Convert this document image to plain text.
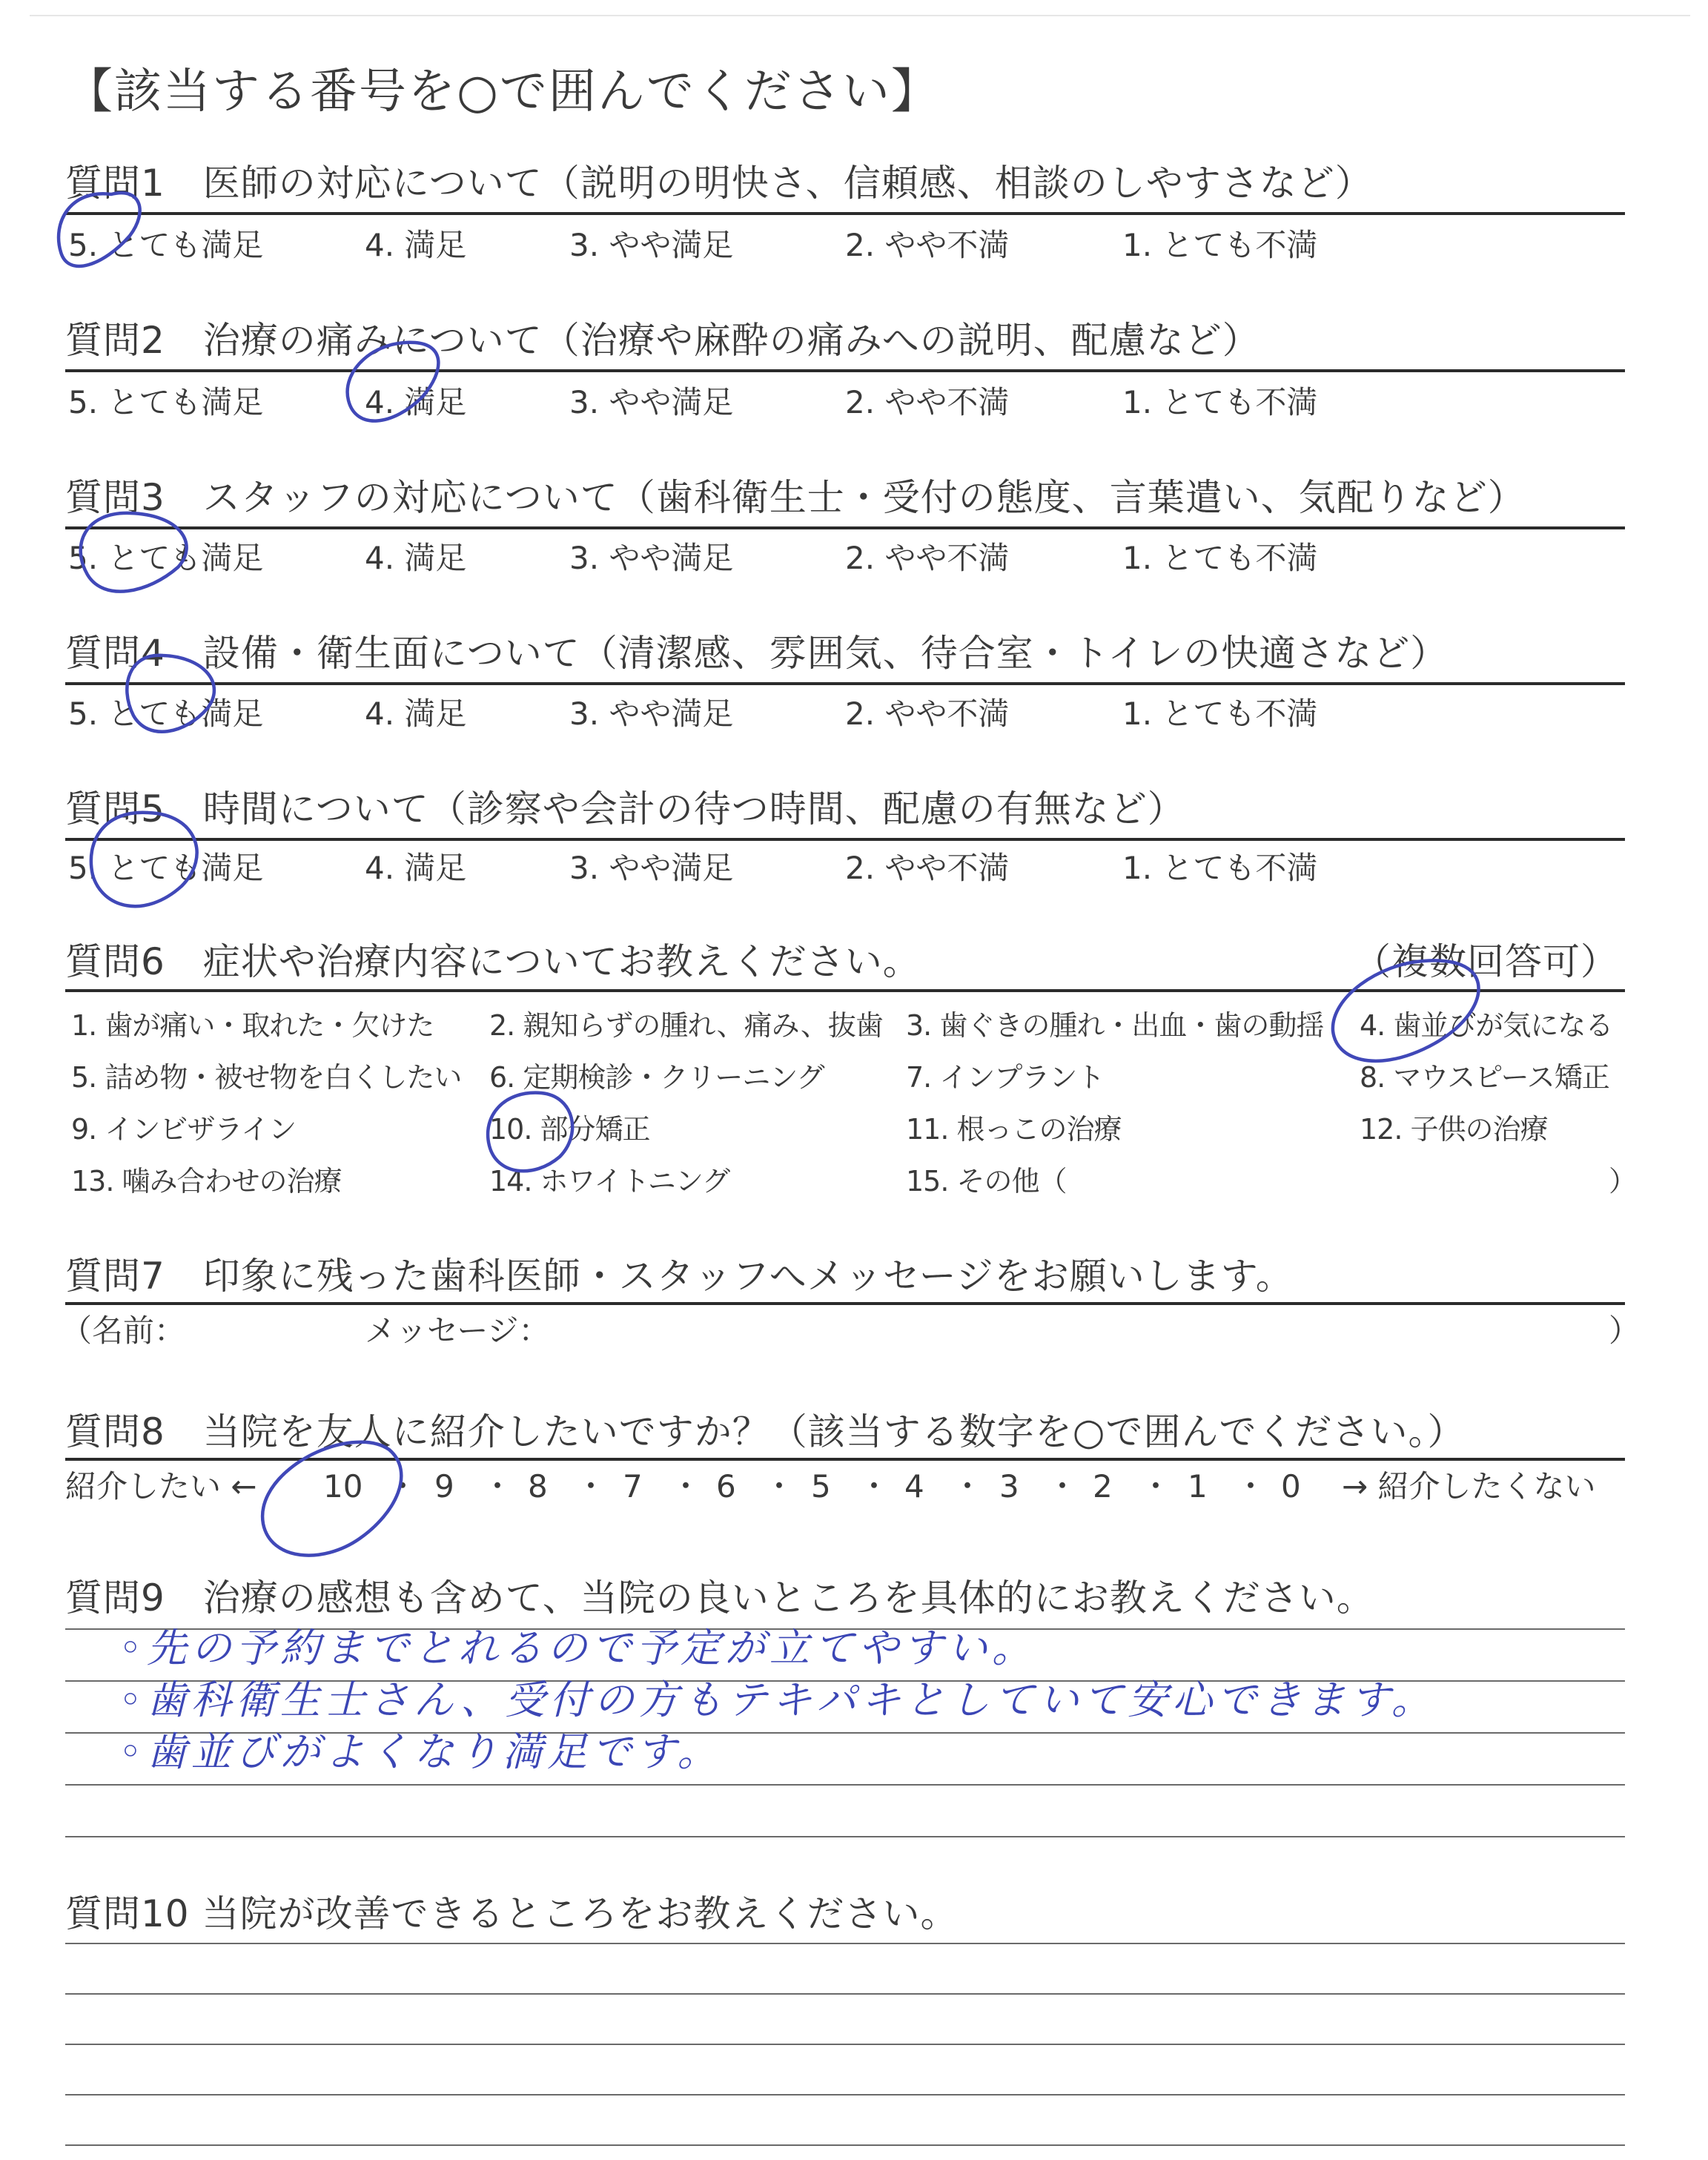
【該当する番号を○で囲んでください】
質問1　医師の対応について（説明の明快さ、信頼感、相談のしやすさなど）
5. とても満足	4. 満足	3. やや満足	2. やや不満	1. とても不満
質問2　治療の痛みについて（治療や麻酔の痛みへの説明、配慮など）
5. とても満足	4. 満足	3. やや満足	2. やや不満	1. とても不満
質問3　スタッフの対応について（歯科衛生士・受付の態度、言葉遣い、気配りなど）
5. とても満足	4. 満足	3. やや満足	2. やや不満	1. とても不満
質問4　設備・衛生面について（清潔感、雰囲気、待合室・トイレの快適さなど）
5. とても満足	4. 満足	3. やや満足	2. やや不満	1. とても不満
質問5　時間について（診察や会計の待つ時間、配慮の有無など）
5. とても満足	4. 満足	3. やや満足	2. やや不満	1. とても不満
質問6　症状や治療内容についてお教えください。	（複数回答可）
1. 歯が痛い・取れた・欠けた 2. 親知らずの腫れ、痛み、抜歯 3. 歯ぐきの腫れ・出血・歯の動揺 4. 歯並びが気になる
5. 詰め物・被せ物を白くしたい 6. 定期検診・クリーニング	7. インプラント	8. マウスピース矯正
9. インビザライン	10. 部分矯正	11. 根っこの治療	12. 子供の治療
13. 噛み合わせの治療	14. ホワイトニング	15. その他（	）
質問7　印象に残った歯科医師・スタッフへメッセージをお願いします。
（名前：	メッセージ：	）
質問8　当院を友人に紹介したいですか？（該当する数字を○で囲んでください。）
紹介したい ← 10 ・ 9 ・ 8 ・ 7 ・ 6 ・ 5 ・ 4 ・ 3 ・ 2 ・ 1 ・ 0 → 紹介したくない
質問9　治療の感想も含めて、当院の良いところを具体的にお教えください。
◦先の予約までとれるので予定が立てやすい。
◦歯科衛生士さん、受付の方もテキパキとしていて安心できます。
◦歯並びがよくなり満足です。
質問10 当院が改善できるところをお教えください。
